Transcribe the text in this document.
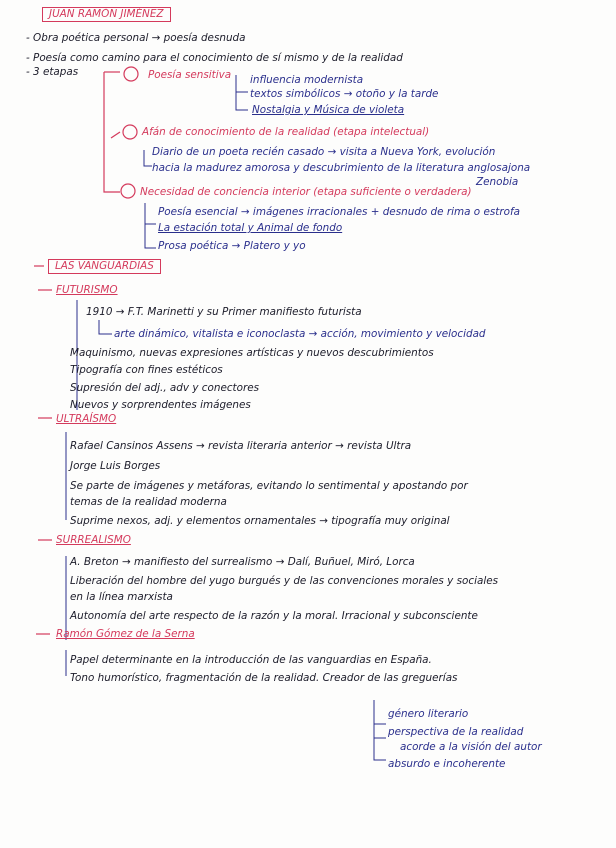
JUAN RAMÓN JIMÉNEZ
- Obra poética personal → poesía desnuda
- Poesía como camino para el conocimiento de sí mismo y de la realidad
- 3 etapas	Poesía sensitiva influencia modernista
textos simbólicos → otoño y la tarde
Nostalgia y Música de violeta
Afán de conocimiento de la realidad (etapa intelectual)
Diario de un poeta recién casado → visita a Nueva York, evolución
hacia la madurez amorosa y descubrimiento de la literatura anglosajona
Zenobia
Necesidad de conciencia interior (etapa suficiente o verdadera)
Poesía esencial → imágenes irracionales + desnudo de rima o estrofa
La estación total y Animal de fondo
Prosa poética → Platero y yo
LAS VANGUARDIAS
FUTURISMO
1910 → F.T. Marinetti y su Primer manifiesto futurista
arte dinámico, vitalista e iconoclasta → acción, movimiento y velocidad
Maquinismo, nuevas expresiones artísticas y nuevos descubrimientos
Tipografía con fines estéticos
Supresión del adj., adv y conectores
Nuevos y sorprendentes imágenes
ULTRAÍSMO
Rafael Cansinos Assens → revista literaria anterior → revista Ultra
Jorge Luis Borges
Se parte de imágenes y metáforas, evitando lo sentimental y apostando por
temas de la realidad moderna
Suprime nexos, adj. y elementos ornamentales → tipografía muy original
SURREALISMO
A. Breton → manifiesto del surrealismo → Dalí, Buñuel, Miró, Lorca
Liberación del hombre del yugo burgués y de las convenciones morales y sociales
en la línea marxista
Autonomía del arte respecto de la razón y la moral. Irracional y subconsciente
Ramón Gómez de la Serna
Papel determinante en la introducción de las vanguardias en España.
Tono humorístico, fragmentación de la realidad. Creador de las greguerías
género literario
perspectiva de la realidad
acorde a la visión del autor
absurdo e incoherente
